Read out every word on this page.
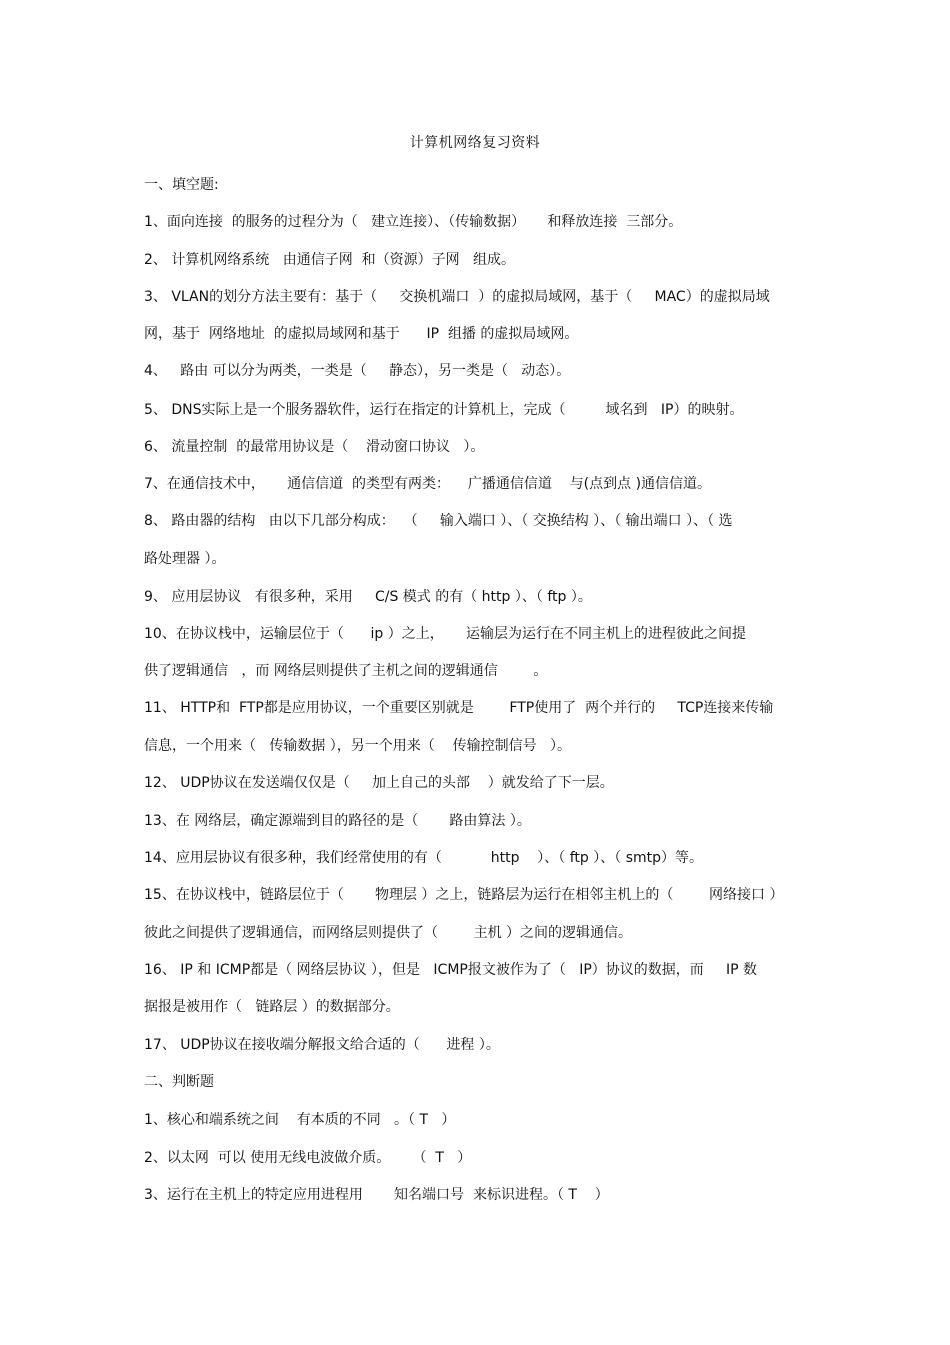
计算机网络复习资料
一、填空题:
1、面向连接  的服务的过程分为（   建立连接）、（传输数据）     和释放连接  三部分。
2、 计算机网络系统   由通信子网  和（资源）子网   组成。
3、 VLAN的划分方法主要有：基于（     交换机端口  ）的虚拟局域网，基于（     MAC）的虚拟局域
网，基于  网络地址  的虚拟局域网和基于      IP  组播 的虚拟局域网。
4、   路由 可以分为两类，一类是（     静态），另一类是（   动态）。
5、 DNS实际上是一个服务器软件，运行在指定的计算机上，完成（         域名到   IP）的映射。
6、 流量控制  的最常用协议是（    滑动窗口协议   ）。
7、在通信技术中，     通信信道  的类型有两类：    广播通信信道    与(点到点 )通信信道。
8、 路由器的结构   由以下几部分构成：  （     输入端口 ）、（ 交换结构 ）、（ 输出端口 ）、（ 选
路处理器 ）。
9、 应用层协议   有很多种，采用     C/S 模式 的有（ http ）、（ ftp ）。
10、在协议栈中，运输层位于（      ip ）之上，     运输层为运行在不同主机上的进程彼此之间提
供了逻辑通信   ，而 网络层则提供了主机之间的逻辑通信        。
11、 HTTP和  FTP都是应用协议，一个重要区别就是        FTP使用了  两个并行的     TCP连接来传输
信息，一个用来（   传输数据 ），另一个用来（    传输控制信号   ）。
12、 UDP协议在发送端仅仅是（     加上自己的头部    ）就发给了下一层。
13、在 网络层，确定源端到目的路径的是（       路由算法 ）。
14、应用层协议有很多种，我们经常使用的有（           http    ）、（ ftp ）、（ smtp）等。
15、在协议栈中，链路层位于（       物理层 ）之上，链路层为运行在相邻主机上的（        网络接口 ）
彼此之间提供了逻辑通信，而网络层则提供了（        主机 ）之间的逻辑通信。
16、 IP 和 ICMP都是（ 网络层协议 ），但是   ICMP报文被作为了（   IP）协议的数据，而     IP 数
据报是被用作（   链路层 ）的数据部分。
17、 UDP协议在接收端分解报文给合适的（      进程 ）。
二、判断题
1、核心和端系统之间    有本质的不同   。（ T   ）
2、以太网  可以 使用无线电波做介质。     （  T   ）
3、运行在主机上的特定应用进程用       知名端口号  来标识进程。（ T    ）
